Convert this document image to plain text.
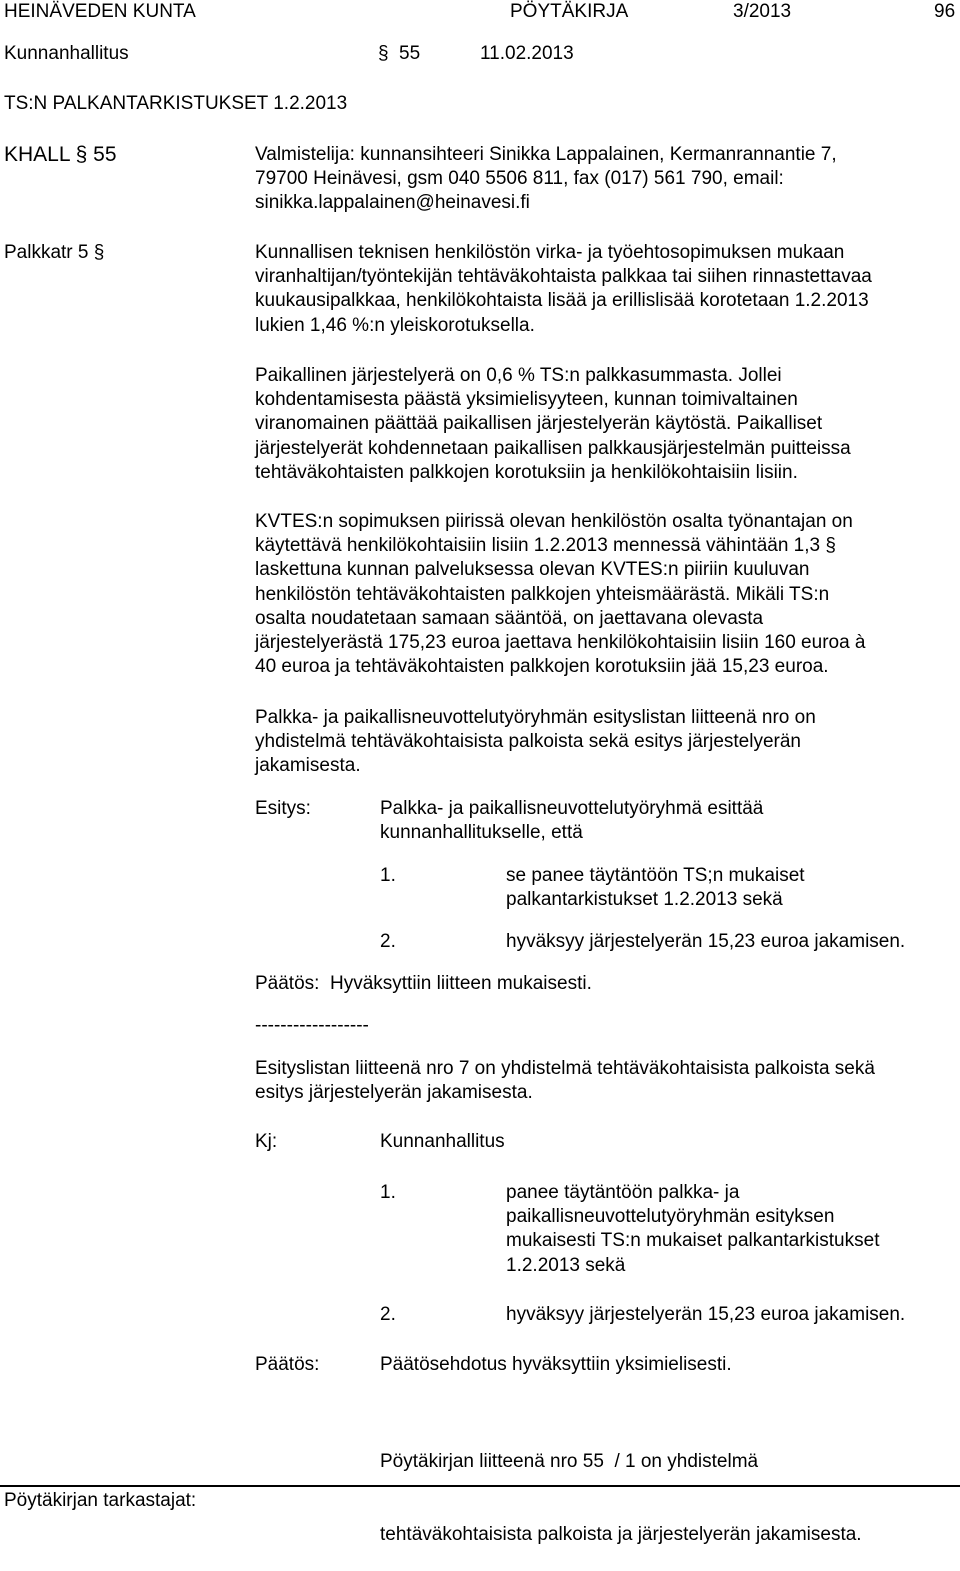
HEINÄVEDEN KUNTA	PÖYTÄKIRJA	3/2013	96
Kunnanhallitus	§ 55	11.02.2013
TS:N PALKANTARKISTUKSET 1.2.2013
KHALL § 55	Valmistelija: kunnansihteeri Sinikka Lappalainen, Kermanrannantie 7,
79700 Heinävesi, gsm 040 5506 811, fax (017) 561 790, email:
sinikka.lappalainen@heinavesi.fi
Palkkatr 5 §	Kunnallisen teknisen henkilöstön virka- ja työehtosopimuksen mukaan
viranhaltijan/työntekijän tehtäväkohtaista palkkaa tai siihen rinnastettavaa
kuukausipalkkaa, henkilökohtaista lisää ja erillislisää korotetaan 1.2.2013
lukien 1,46 %:n yleiskorotuksella.
Paikallinen järjestelyerä on 0,6 % TS:n palkkasummasta. Jollei
kohdentamisesta päästä yksimielisyyteen, kunnan toimivaltainen
viranomainen päättää paikallisen järjestelyerän käytöstä. Paikalliset
järjestelyerät kohdennetaan paikallisen palkkausjärjestelmän puitteissa
tehtäväkohtaisten palkkojen korotuksiin ja henkilökohtaisiin lisiin.
KVTES:n sopimuksen piirissä olevan henkilöstön osalta työnantajan on
käytettävä henkilökohtaisiin lisiin 1.2.2013 mennessä vähintään 1,3 §
laskettuna kunnan palveluksessa olevan KVTES:n piiriin kuuluvan
henkilöstön tehtäväkohtaisten palkkojen yhteismäärästä. Mikäli TS:n
osalta noudatetaan samaan sääntöä, on jaettavana olevasta
järjestelyerästä 175,23 euroa jaettava henkilökohtaisiin lisiin 160 euroa à
40 euroa ja tehtäväkohtaisten palkkojen korotuksiin jää 15,23 euroa.
Palkka- ja paikallisneuvottelutyöryhmän esityslistan liitteenä nro on
yhdistelmä tehtäväkohtaisista palkoista sekä esitys järjestelyerän
jakamisesta.
Esitys:	Palkka- ja paikallisneuvottelutyöryhmä esittää
kunnanhallitukselle, että
1.	se panee täytäntöön TS;n mukaiset
palkantarkistukset 1.2.2013 sekä
2.	hyväksyy järjestelyerän 15,23 euroa jakamisen.
Päätös:  Hyväksyttiin liitteen mukaisesti.
------------------
Esityslistan liitteenä nro 7 on yhdistelmä tehtäväkohtaisista palkoista sekä
esitys järjestelyerän jakamisesta.
Kj:	Kunnanhallitus
1.	panee täytäntöön palkka- ja
paikallisneuvottelutyöryhmän esityksen
mukaisesti TS:n mukaiset palkantarkistukset
1.2.2013 sekä
2.	hyväksyy järjestelyerän 15,23 euroa jakamisen.
Päätös:	Päätösehdotus hyväksyttiin yksimielisesti.

Pöytäkirjan liitteenä nro 55  / 1 on yhdistelmä

tehtäväkohtaisista palkoista ja järjestelyerän jakamisesta.

Pöytäkirjan tarkastajat:
